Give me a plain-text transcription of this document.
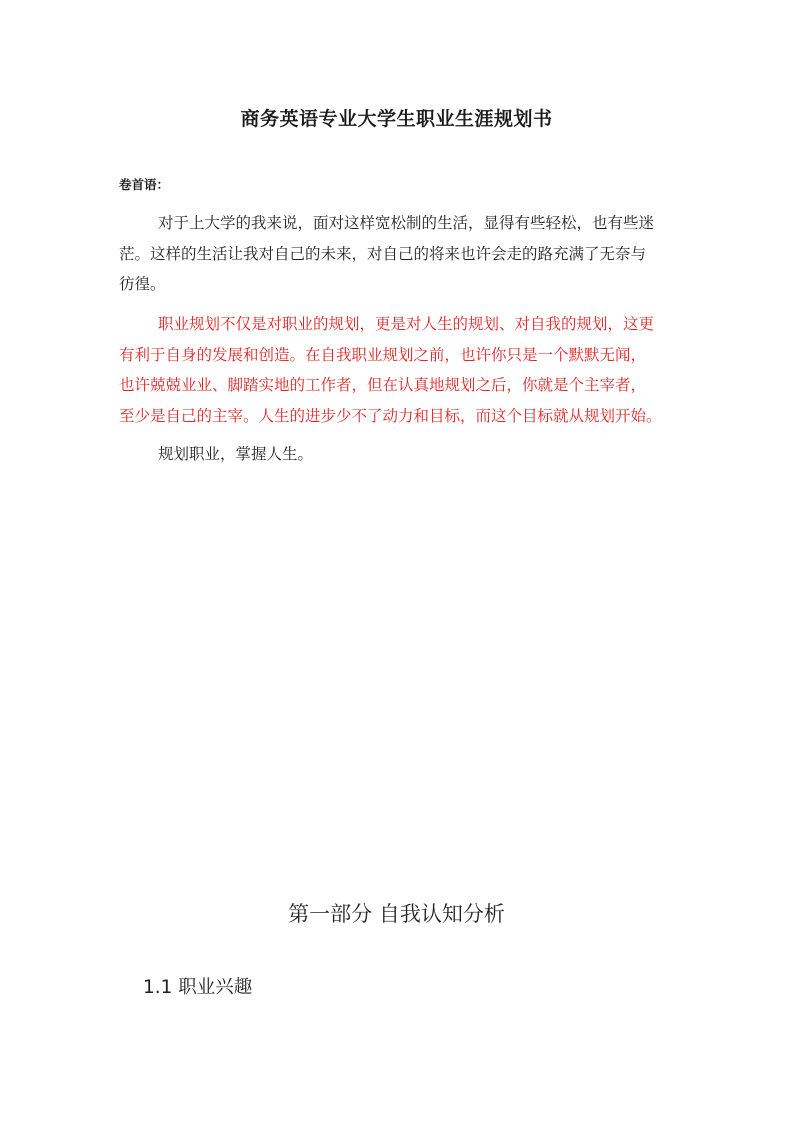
商务英语专业大学生职业生涯规划书
卷首语：

对于上大学的我来说，面对这样宽松制的生活，显得有些轻松，也有些迷
茫。这样的生活让我对自己的未来，对自己的将来也许会走的路充满了无奈与
彷徨。

职业规划不仅是对职业的规划，更是对人生的规划、对自我的规划，这更
有利于自身的发展和创造。在自我职业规划之前，也许你只是一个默默无闻，
也许兢兢业业、脚踏实地的工作者，但在认真地规划之后，你就是个主宰者，
至少是自己的主宰。人生的进步少不了动力和目标，而这个目标就从规划开始。

规划职业，掌握人生。

第一部分 自我认知分析
1.1 职业兴趣
